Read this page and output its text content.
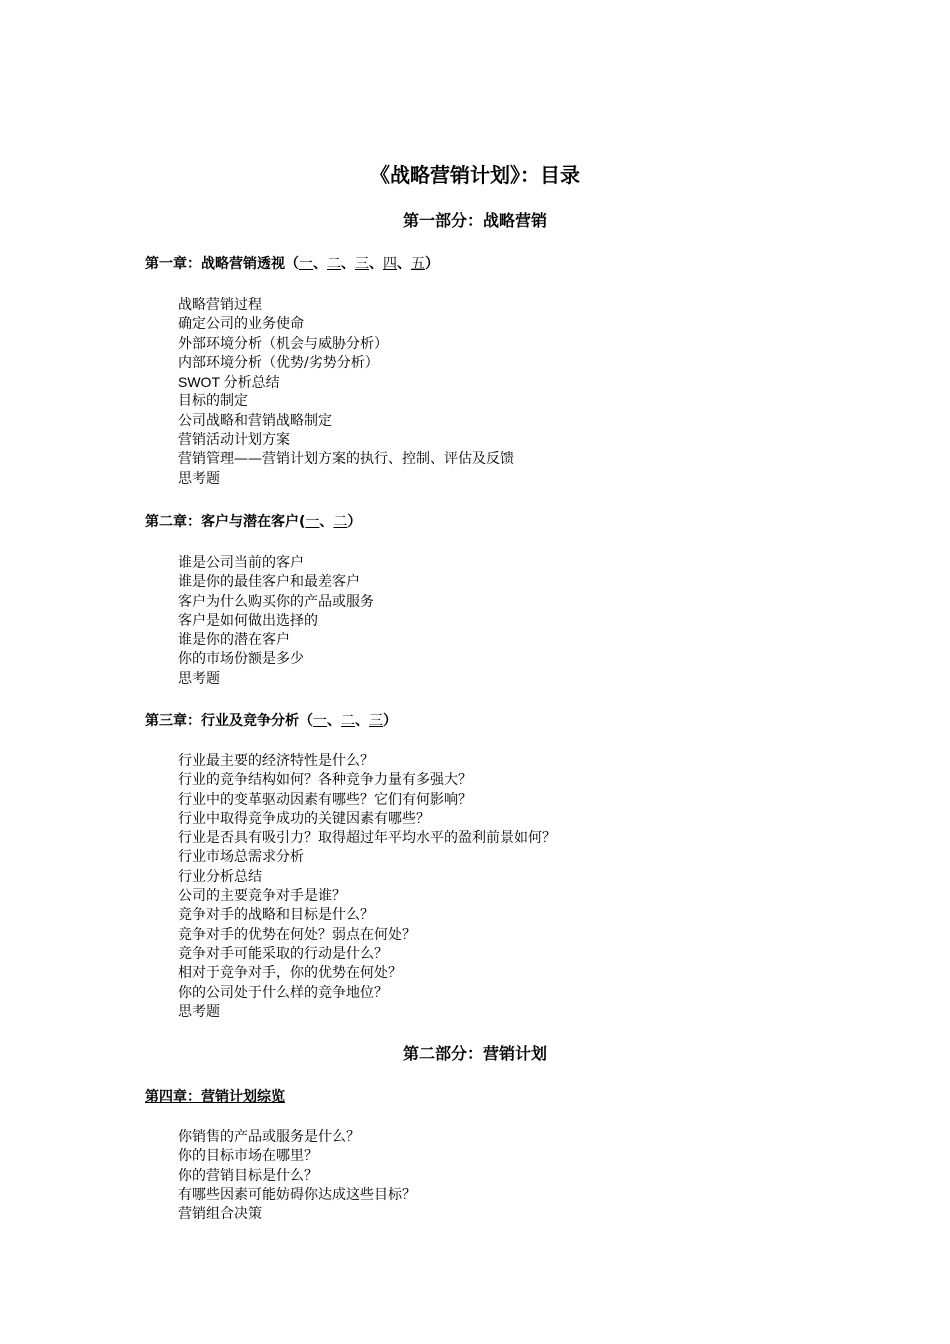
《战略营销计划》：目录
第一部分：战略营销
第一章：战略营销透视（一、二、三、四、五）
战略营销过程
确定公司的业务使命
外部环境分析（机会与威胁分析）
内部环境分析（优势/劣势分析）
SWOT 分析总结
目标的制定
公司战略和营销战略制定
营销活动计划方案
营销管理——营销计划方案的执行、控制、评估及反馈
思考题
第二章：客户与潜在客户(一、二）
谁是公司当前的客户
谁是你的最佳客户和最差客户
客户为什么购买你的产品或服务
客户是如何做出选择的
谁是你的潜在客户
你的市场份额是多少
思考题
第三章：行业及竞争分析（一、二、三）
行业最主要的经济特性是什么？
行业的竞争结构如何？各种竞争力量有多强大？
行业中的变革驱动因素有哪些？它们有何影响？
行业中取得竞争成功的关键因素有哪些？
行业是否具有吸引力？取得超过年平均水平的盈利前景如何？
行业市场总需求分析
行业分析总结
公司的主要竞争对手是谁？
竞争对手的战略和目标是什么？
竞争对手的优势在何处？弱点在何处？
竞争对手可能采取的行动是什么？
相对于竞争对手，你的优势在何处？
你的公司处于什么样的竞争地位？
思考题
第二部分：营销计划
第四章：营销计划综览
你销售的产品或服务是什么？
你的目标市场在哪里？
你的营销目标是什么？
有哪些因素可能妨碍你达成这些目标？
营销组合决策
